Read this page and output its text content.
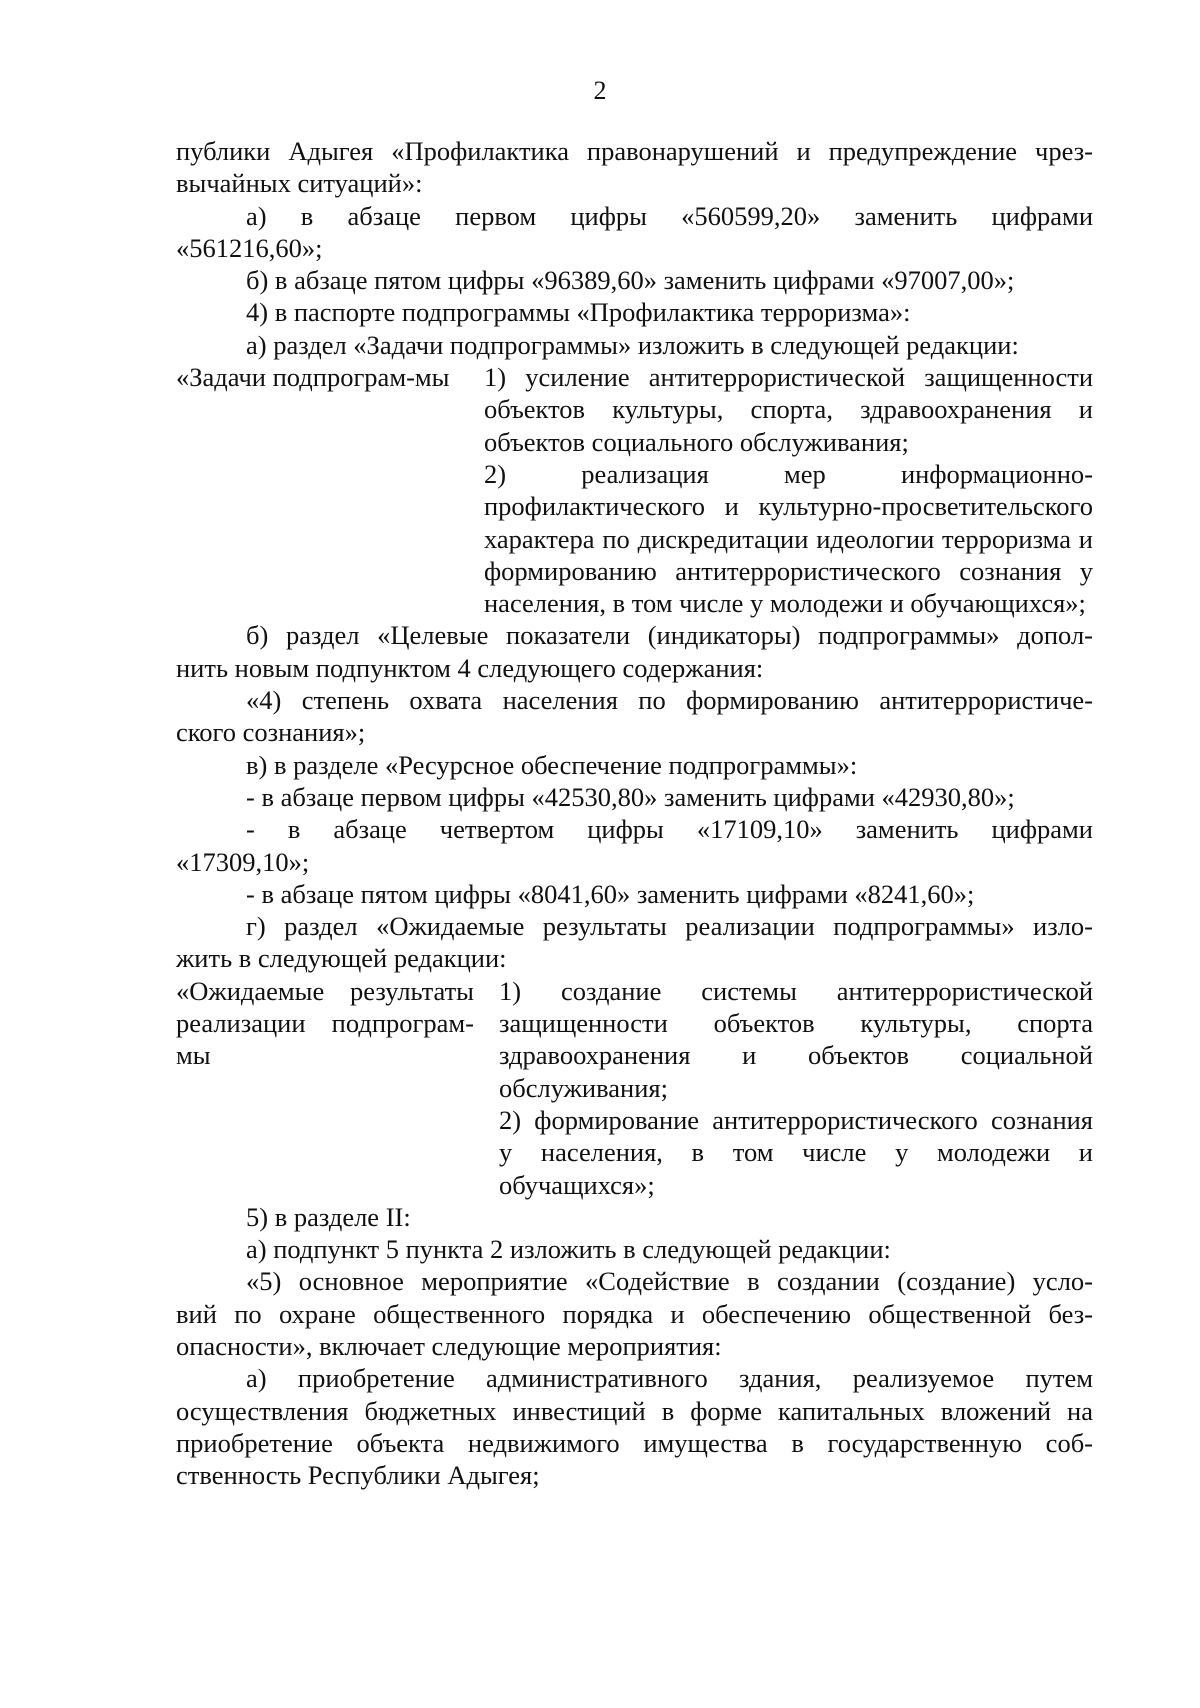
2

публики Адыгея «Профилактика правонарушений и предупреждение чрез-

вычайных ситуаций»:

а) в абзаце первом цифры «560599,20» заменить цифрами

«561216,60»;

б) в абзаце пятом цифры «96389,60» заменить цифрами «97007,00»;

4) в паспорте подпрограммы «Профилактика терроризма»:

а) раздел «Задачи подпрограммы» изложить в следующей редакции:

«Задачи подпрограм-мы	1) усиление антитеррористической защищенности объектов культуры, спорта, здравоохранения и объектов социального обслуживания;
2) реализация мер информационно-профилактического и культурно-просветительского характера по дискредитации идеологии терроризма и формированию антитеррористического сознания у населения, в том числе у молодежи и обучающихся»;

б) раздел «Целевые показатели (индикаторы) подпрограммы» допол-

нить новым подпунктом 4 следующего содержания:

«4) степень охвата населения по формированию антитеррористиче-

ского сознания»;

в) в разделе «Ресурсное обеспечение подпрограммы»:

- в абзаце первом цифры «42530,80» заменить цифрами «42930,80»;

- в абзаце четвертом цифры «17109,10» заменить цифрами

«17309,10»;

- в абзаце пятом цифры «8041,60» заменить цифрами «8241,60»;

г) раздел «Ожидаемые результаты реализации подпрограммы» изло-

жить в следующей редакции:

«Ожидаемые результаты реализации подпрограм-мы
1) создание системы антитеррористической защищенности объектов культуры, спорта здравоохранения и объектов социальной обслуживания;
2) формирование антитеррористического сознания у населения, в том числе у молодежи и обучащихся»;

5) в разделе II:

а) подпункт 5 пункта 2 изложить в следующей редакции:

«5) основное мероприятие «Содействие в создании (создание) усло-

вий по охране общественного порядка и обеспечению общественной без-

опасности», включает следующие мероприятия:

а) приобретение административного здания, реализуемое путем

осуществления бюджетных инвестиций в форме капитальных вложений на

приобретение объекта недвижимого имущества в государственную соб-

ственность Республики Адыгея;
